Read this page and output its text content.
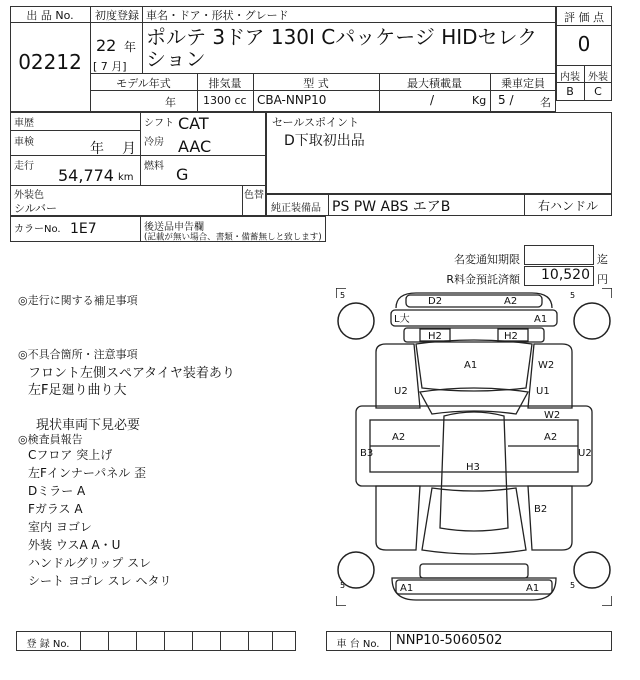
出 品 No.
02212
初度登録
22 年
[ 7 月]
車名・ドア・形状・グレード
ポルテ 3ドア 130I Cパッケージ HIDセレクション
モデル年式	排気量	型 式	最大積載量	乗車定員
年 1300 cc CBA-NNP10	/	Kg 5 / 名
評 価 点
0
内装 外装
B	C
車歴
車検	年 月
走行 54,774 km
シフト CAT
冷房 AAC
燃料 G
セールスポイント
D下取初出品
外装色
シルバー
色替
純正装備品 PS PW ABS エアB	右ハンドル
カラーNo. 1E7	後送品申告欄
(記載が無い場合、書類・備蓄無しと致します)
名変通知期限	迄
R料金預託済額	10,520 円
◎走行に関する補足事項
◎不具合箇所・注意事項
フロント左側スペアタイヤ装着あり
左F足廻り曲り大
現状車両下見必要
◎検査員報告
Cフロア 突上げ
左Fインナーパネル 歪
Dミラー A
Fガラス A
室内 ヨゴレ
外装 ウスA A・U
ハンドルグリップ スレ
シート ヨゴレ スレ ヘタリ
5	5
5	5
D2	A2
L大	A1
H2	H2
A1	W2
U2	U1
W2
B3
A2	A2
U2
H3
B2
A1	A1
登 録 No.	車 台 No.	NNP10-5060502
